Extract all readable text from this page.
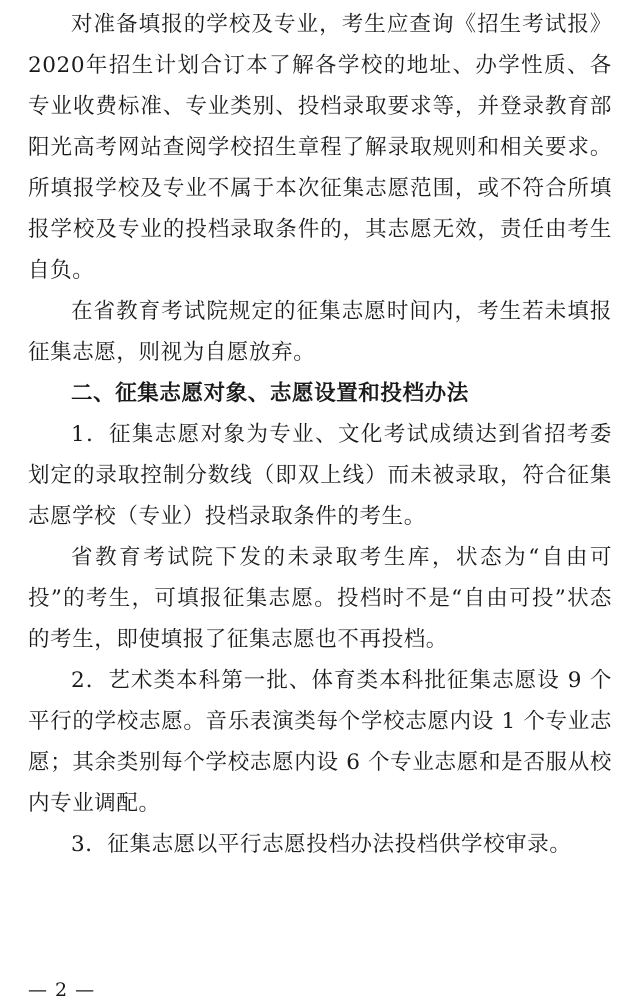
对准备填报的学校及专业，考生应查询《招生考试报》2020年招生计划合订本了解各学校的地址、办学性质、各专业收费标准、专业类别、投档录取要求等，并登录教育部阳光高考网站查阅学校招生章程了解录取规则和相关要求。所填报学校及专业不属于本次征集志愿范围，或不符合所填报学校及专业的投档录取条件的，其志愿无效，责任由考生自负。

在省教育考试院规定的征集志愿时间内，考生若未填报征集志愿，则视为自愿放弃。

二、征集志愿对象、志愿设置和投档办法

1．征集志愿对象为专业、文化考试成绩达到省招考委划定的录取控制分数线（即双上线）而未被录取，符合征集志愿学校（专业）投档录取条件的考生。

省教育考试院下发的未录取考生库，状态为“自由可投”的考生，可填报征集志愿。投档时不是“自由可投”状态的考生，即使填报了征集志愿也不再投档。

2．艺术类本科第一批、体育类本科批征集志愿设 9 个平行的学校志愿。音乐表演类每个学校志愿内设 1 个专业志愿；其余类别每个学校志愿内设 6 个专业志愿和是否服从校内专业调配。

3．征集志愿以平行志愿投档办法投档供学校审录。

— 2 —
